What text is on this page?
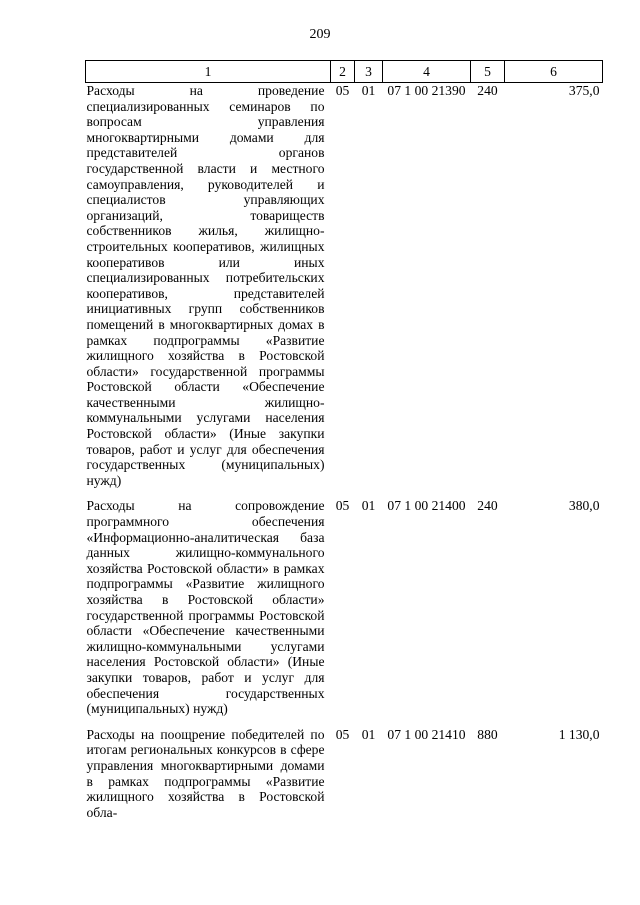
209
1	2	3	4	5	6
Расходы на проведение специализированных семинаров по вопросам управления многоквартирными домами для представителей органов государственной власти и местного самоуправления, руководителей и специалистов управляющих организаций, товариществ собственников жилья, жилищно-строительных кооперативов, жилищных кооперативов или иных специализированных потребительских кооперативов, представителей инициативных групп собственников помещений в многоквартирных домах в рамках подпрограммы «Развитие жилищного хозяйства в Ростовской области» государственной программы Ростовской области «Обеспечение качественными жилищно-коммунальными услугами населения Ростовской области» (Иные закупки товаров, работ и услуг для обеспечения государственных (муниципальных) нужд)	05	01	07 1 00 21390	240	375,0

Расходы на сопровождение программного обеспечения «Информационно-аналитическая база данных жилищно-коммунального хозяйства Ростовской области» в рамках подпрограммы «Развитие жилищного хозяйства в Ростовской области» государственной программы Ростовской области «Обеспечение качественными жилищно-коммунальными услугами населения Ростовской области» (Иные закупки товаров, работ и услуг для обеспечения государственных (муниципальных) нужд)	05	01	07 1 00 21400	240	380,0

Расходы на поощрение победителей по итогам региональных конкурсов в сфере управления многоквартирными домами в рамках подпрограммы «Развитие жилищного хозяйства в Ростовской обла-	05	01	07 1 00 21410	880	1 130,0
